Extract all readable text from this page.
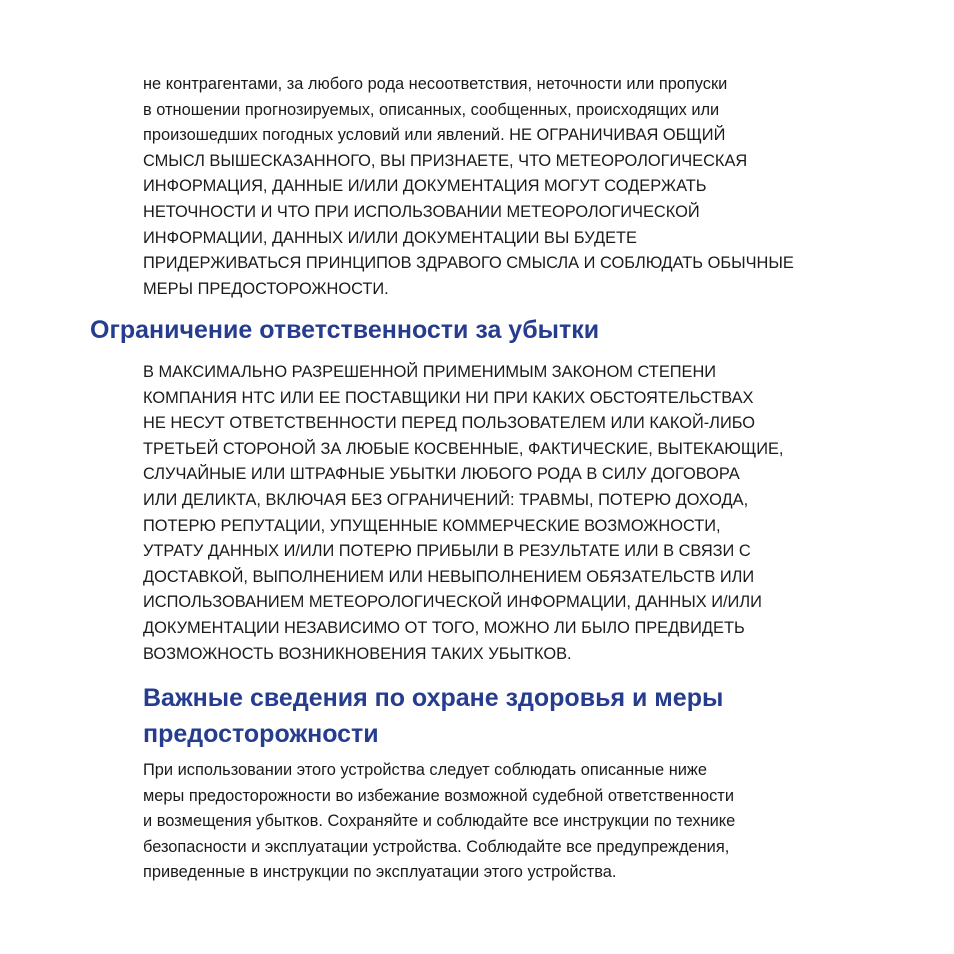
не контрагентами, за любого рода несоответствия, неточности или пропуски
в отношении прогнозируемых, описанных, сообщенных, происходящих или
произошедших погодных условий или явлений. НЕ ОГРАНИЧИВАЯ ОБЩИЙ
СМЫСЛ ВЫШЕСКАЗАННОГО, ВЫ ПРИЗНАЕТЕ, ЧТО МЕТЕОРОЛОГИЧЕСКАЯ
ИНФОРМАЦИЯ, ДАННЫЕ И/ИЛИ ДОКУМЕНТАЦИЯ МОГУТ СОДЕРЖАТЬ
НЕТОЧНОСТИ И ЧТО ПРИ ИСПОЛЬЗОВАНИИ МЕТЕОРОЛОГИЧЕСКОЙ
ИНФОРМАЦИИ, ДАННЫХ И/ИЛИ ДОКУМЕНТАЦИИ ВЫ БУДЕТЕ
ПРИДЕРЖИВАТЬСЯ ПРИНЦИПОВ ЗДРАВОГО СМЫСЛА И СОБЛЮДАТЬ ОБЫЧНЫЕ
МЕРЫ ПРЕДОСТОРОЖНОСТИ.

Ограничение ответственности за убытки

В МАКСИМАЛЬНО РАЗРЕШЕННОЙ ПРИМЕНИМЫМ ЗАКОНОМ СТЕПЕНИ
КОМПАНИЯ HTC ИЛИ ЕЕ ПОСТАВЩИКИ НИ ПРИ КАКИХ ОБСТОЯТЕЛЬСТВАХ
НЕ НЕСУТ ОТВЕТСТВЕННОСТИ ПЕРЕД ПОЛЬЗОВАТЕЛЕМ ИЛИ КАКОЙ-ЛИБО
ТРЕТЬЕЙ СТОРОНОЙ ЗА ЛЮБЫЕ КОСВЕННЫЕ, ФАКТИЧЕСКИЕ, ВЫТЕКАЮЩИЕ,
СЛУЧАЙНЫЕ ИЛИ ШТРАФНЫЕ УБЫТКИ ЛЮБОГО РОДА В СИЛУ ДОГОВОРА
ИЛИ ДЕЛИКТА, ВКЛЮЧАЯ БЕЗ ОГРАНИЧЕНИЙ: ТРАВМЫ, ПОТЕРЮ ДОХОДА,
ПОТЕРЮ РЕПУТАЦИИ, УПУЩЕННЫЕ КОММЕРЧЕСКИЕ ВОЗМОЖНОСТИ,
УТРАТУ ДАННЫХ И/ИЛИ ПОТЕРЮ ПРИБЫЛИ В РЕЗУЛЬТАТЕ ИЛИ В СВЯЗИ С
ДОСТАВКОЙ, ВЫПОЛНЕНИЕМ ИЛИ НЕВЫПОЛНЕНИЕМ ОБЯЗАТЕЛЬСТВ ИЛИ
ИСПОЛЬЗОВАНИЕМ МЕТЕОРОЛОГИЧЕСКОЙ ИНФОРМАЦИИ, ДАННЫХ И/ИЛИ
ДОКУМЕНТАЦИИ НЕЗАВИСИМО ОТ ТОГО, МОЖНО ЛИ БЫЛО ПРЕДВИДЕТЬ
ВОЗМОЖНОСТЬ ВОЗНИКНОВЕНИЯ ТАКИХ УБЫТКОВ.

Важные сведения по охране здоровья и меры
предосторожности

При использовании этого устройства следует соблюдать описанные ниже
меры предосторожности во избежание возможной судебной ответственности
и возмещения убытков. Сохраняйте и соблюдайте все инструкции по технике
безопасности и эксплуатации устройства. Соблюдайте все предупреждения,
приведенные в инструкции по эксплуатации этого устройства.
